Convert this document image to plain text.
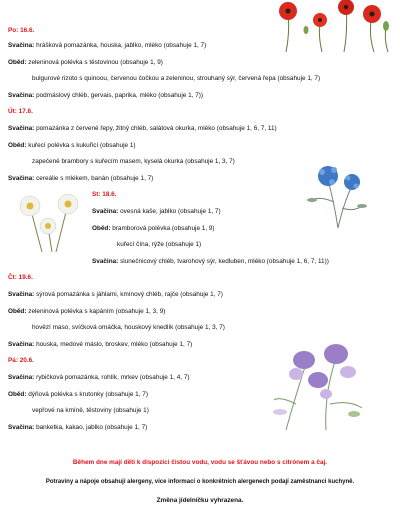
Po: 16.6.
Svačina: hrášková pomazánka, houska, jablko, mléko (obsahuje 1, 7)
Oběd: zeleninová polévka s těstovinou (obsahuje 1, 9)
bulgurové rizoto s quinoou, červenou čočkou a zeleninou, strouhaný sýr, červená řepa (obsahuje 1, 7)
Svačina: podmáslový chléb, gervais, paprika, mléko (obsahuje 1, 7))
Út: 17.6.
Svačina: pomazánka z červené řepy, žitný chléb, salátová okurka, mléko (obsahuje 1, 6, 7, 11)
Oběd: kuřecí polévka s kukuřicí (obsahuje 1)
zapečené brambory s kuřecím masem, kyselá okurka (obsahuje 1, 3, 7)
Svačina: cereálie s mlékem, banán (obsahuje 1, 7)
St: 18.6.
Svačina: ovesná kaše, jablko (obsahuje 1, 7)
Oběd: bramborová polévka (obsahuje 1, 9)
kuřecí čína, rýže (obsahuje 1)
Svačina: slunečnicový chléb, tvarohový sýr, kedluben, mléko (obsahuje 1, 6, 7, 11))
Čt: 19.6.
Svačina: sýrová pomazánka s jáhlami, kmínový chléb, rajče (obsahuje 1, 7)
Oběd: zeleninová polévka s kapáním (obsahuje 1, 3, 9)
hovězí maso, svíčková omáčka, houskový knedlík (obsahuje 1, 3, 7)
Svačina: houska, medové máslo, broskev, mléko (obsahuje 1, 7)
Pá: 20.6.
Svačina: rybičková pomazánka, rohlík, mrkev (obsahuje 1, 4, 7)
Oběd: dýňová polévka s krutonky (obsahuje 1, 7)
vepřové na kmíně, těstoviny (obsahuje 1)
Svačina: banketka, kakao, jablko (obsahuje 1, 7)
Během dne mají děti k dispozici čistou vodu, vodu se šťávou nebo s citrónem a čaj.
Potraviny a nápoje obsahují alergeny, více informací o konkrétních alergenech podají zaměstnanci kuchyně.
Změna jídelníčku vyhrazena.
